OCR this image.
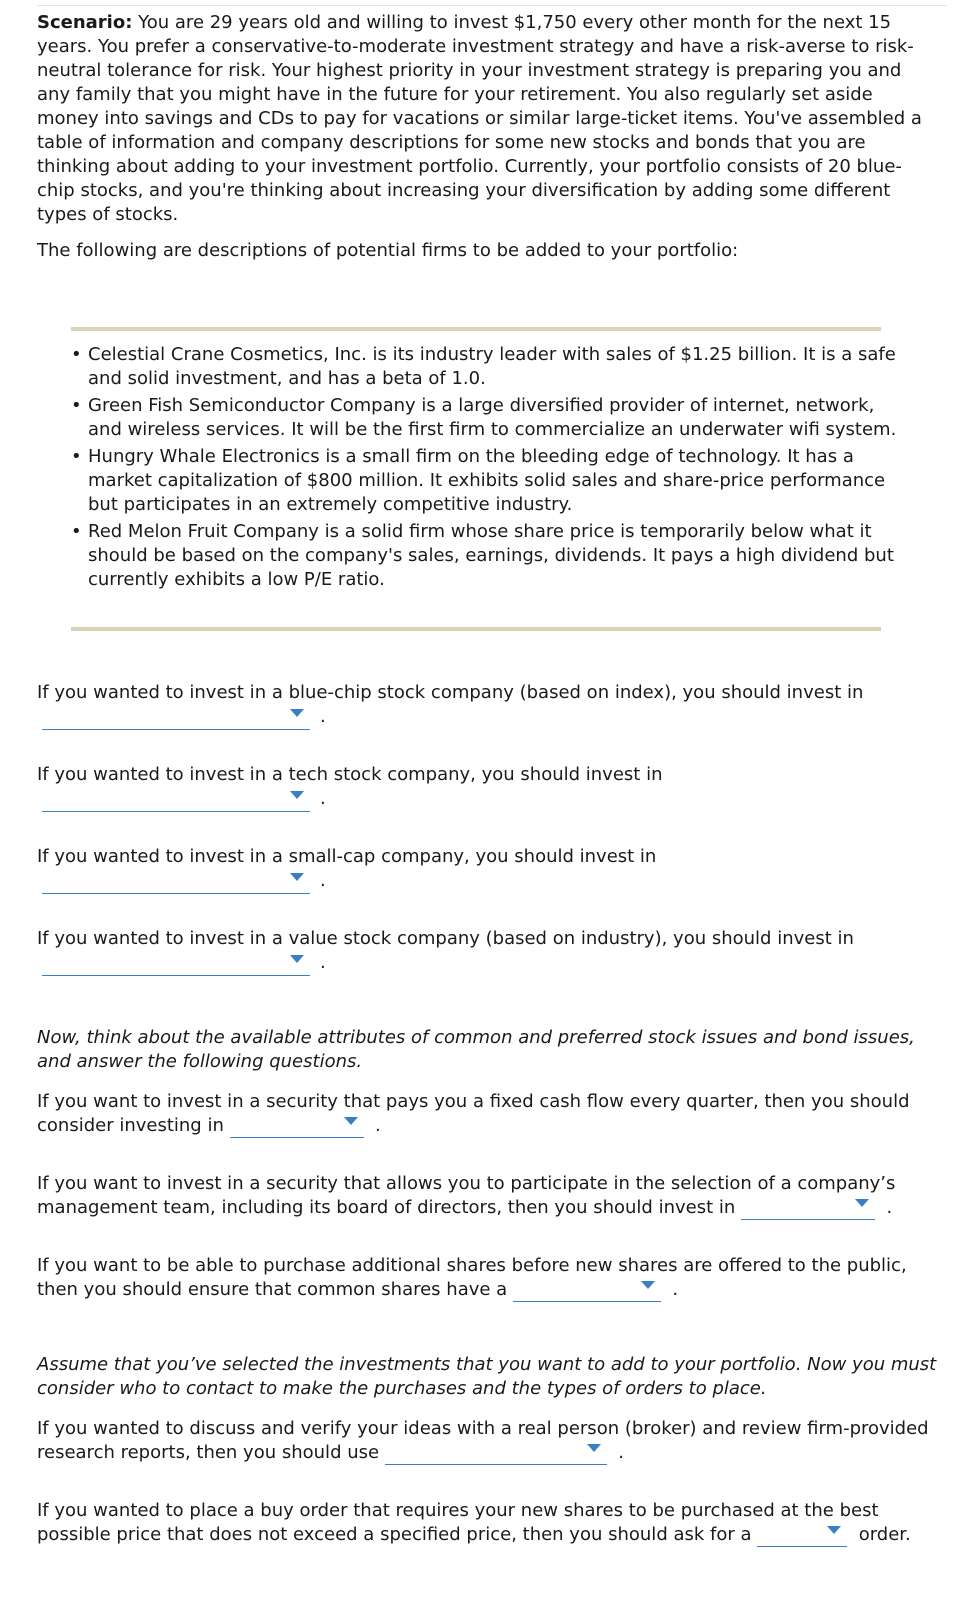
Scenario: You are 29 years old and willing to invest $1,750 every other month for the next 15 years. You prefer a conservative-to-moderate investment strategy and have a risk-averse to risk-neutral tolerance for risk. Your highest priority in your investment strategy is preparing you and any family that you might have in the future for your retirement. You also regularly set aside money into savings and CDs to pay for vacations or similar large-ticket items. You've assembled a table of information and company descriptions for some new stocks and bonds that you are thinking about adding to your investment portfolio. Currently, your portfolio consists of 20 blue-chip stocks, and you're thinking about increasing your diversification by adding some different types of stocks.

The following are descriptions of potential firms to be added to your portfolio:

• Celestial Crane Cosmetics, Inc. is its industry leader with sales of $1.25 billion. It is a safe and solid investment, and has a beta of 1.0.
• Green Fish Semiconductor Company is a large diversified provider of internet, network, and wireless services. It will be the first firm to commercialize an underwater wifi system.
• Hungry Whale Electronics is a small firm on the bleeding edge of technology. It has a market capitalization of $800 million. It exhibits solid sales and share-price performance but participates in an extremely competitive industry.
• Red Melon Fruit Company is a solid firm whose share price is temporarily below what it should be based on the company's sales, earnings, dividends. It pays a high dividend but currently exhibits a low P/E ratio.

If you wanted to invest in a blue-chip stock company (based on index), you should invest in

.

If you wanted to invest in a tech stock company, you should invest in

.

If you wanted to invest in a small-cap company, you should invest in

.

If you wanted to invest in a value stock company (based on industry), you should invest in

.

Now, think about the available attributes of common and preferred stock issues and bond issues, and answer the following questions.

If you want to invest in a security that pays you a fixed cash flow every quarter, then you should

consider investing in	.

If you want to invest in a security that allows you to participate in the selection of a company’s

management team, including its board of directors, then you should invest in	.

If you want to be able to purchase additional shares before new shares are offered to the public,

then you should ensure that common shares have a	.

Assume that you’ve selected the investments that you want to add to your portfolio. Now you must consider who to contact to make the purchases and the types of orders to place.

If you wanted to discuss and verify your ideas with a real person (broker) and review firm-provided

research reports, then you should use	.

If you wanted to place a buy order that requires your new shares to be purchased at the best

possible price that does not exceed a specified price, then you should ask for a	order.
